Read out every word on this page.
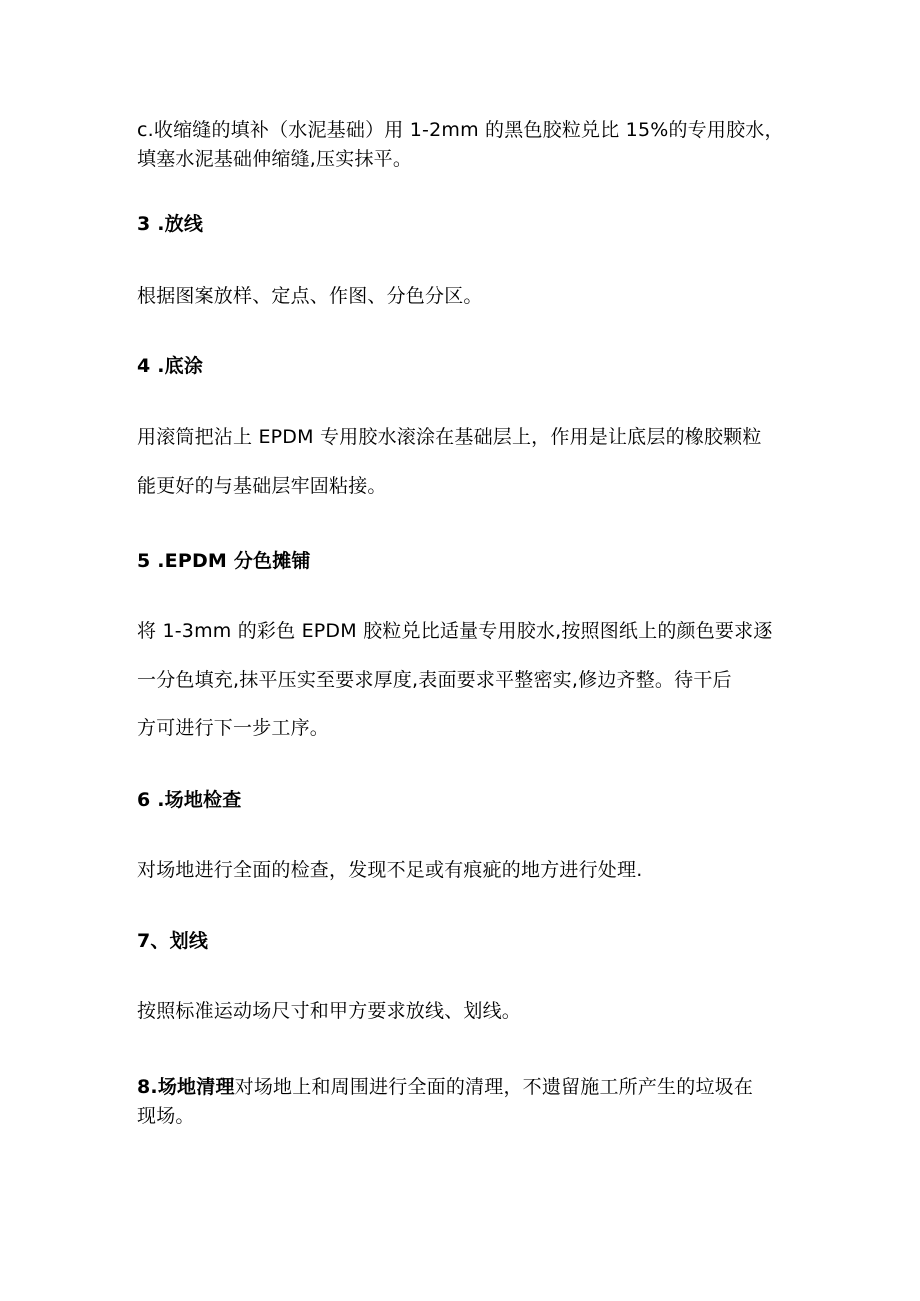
c.收缩缝的填补（水泥基础）用 1-2mm 的黑色胶粒兑比 15%的专用胶水，
填塞水泥基础伸缩缝,压实抹平。
3 .放线
根据图案放样、定点、作图、分色分区。
4 .底涂
用滚筒把沾上 EPDM 专用胶水滚涂在基础层上，作用是让底层的橡胶颗粒
能更好的与基础层牢固粘接。
5 .EPDM 分色摊铺
将 1-3mm 的彩色 EPDM 胶粒兑比适量专用胶水,按照图纸上的颜色要求逐
一分色填充,抹平压实至要求厚度,表面要求平整密实,修边齐整。待干后
方可进行下一步工序。
6 .场地检查
对场地进行全面的检查，发现不足或有痕疵的地方进行处理.
7、划线
按照标准运动场尺寸和甲方要求放线、划线。
8.场地清理对场地上和周围进行全面的清理，不遗留施工所产生的垃圾在
现场。
